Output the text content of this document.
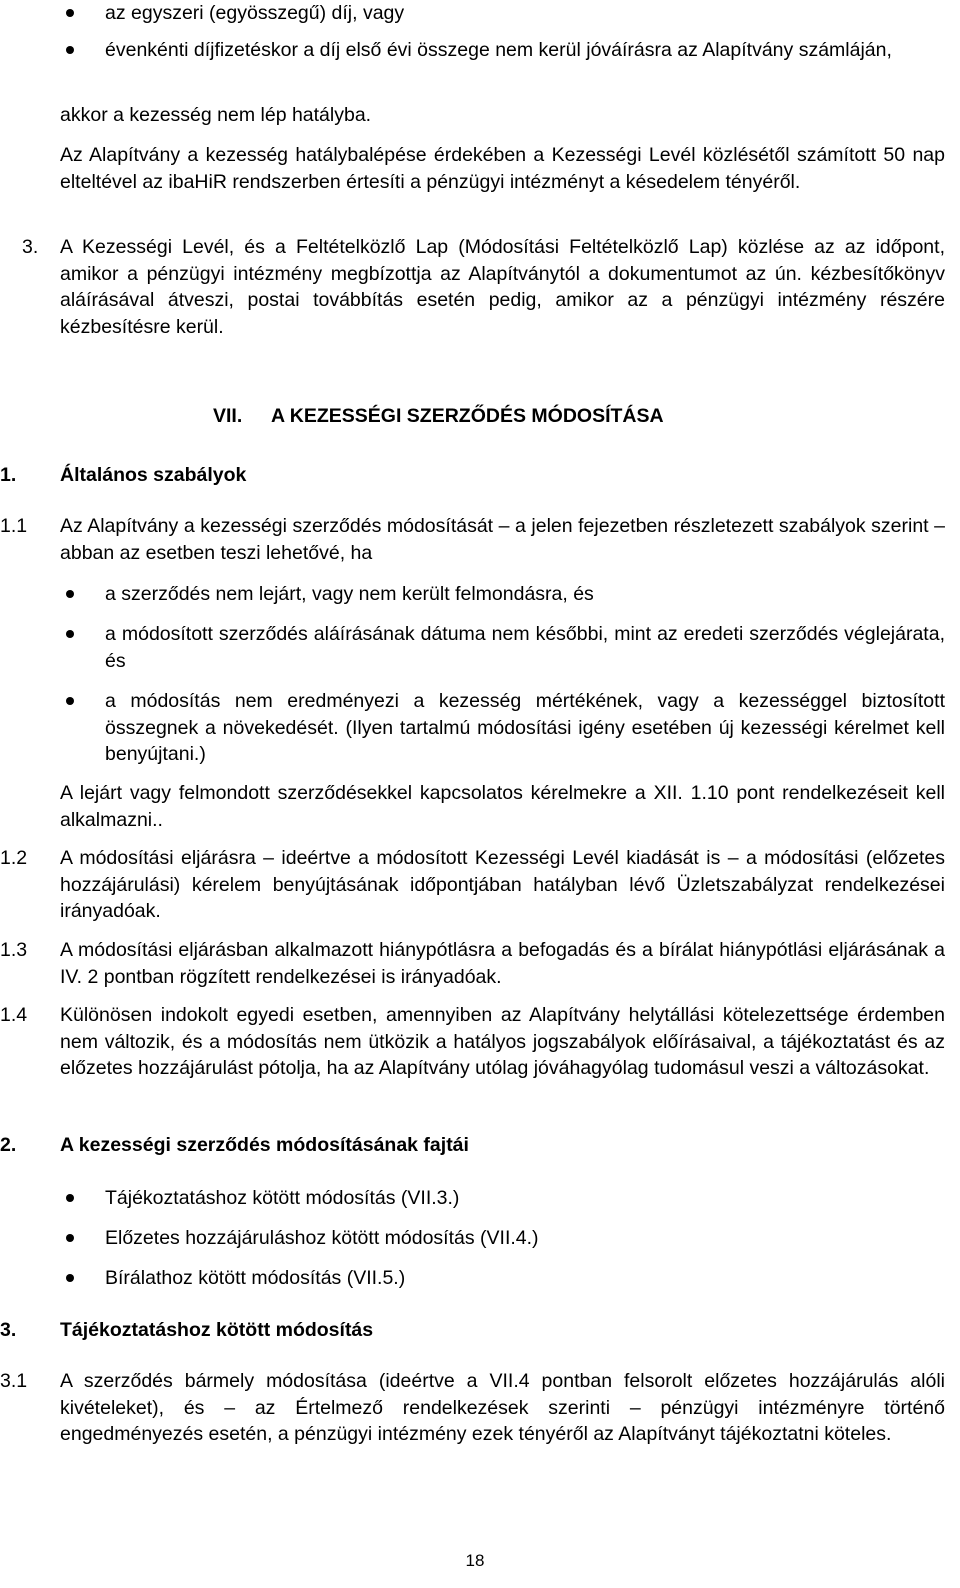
az egyszeri (egyösszegű) díj, vagy
évenkénti díjfizetéskor a díj első évi összege nem kerül jóváírásra az Alapítvány számláján,
akkor a kezesség nem lép hatályba.
Az Alapítvány a kezesség hatálybalépése érdekében a Kezességi Levél közlésétől számított 50 nap elteltével az ibaHiR rendszerben értesíti a pénzügyi intézményt a késedelem tényéről.
3. A Kezességi Levél, és a Feltételközlő Lap (Módosítási Feltételközlő Lap) közlése az az időpont, amikor a pénzügyi intézmény megbízottja az Alapítványtól a dokumentumot az ún. kézbesítőkönyv aláírásával átveszi, postai továbbítás esetén pedig, amikor az a pénzügyi intézmény részére kézbesítésre kerül.
VII. A KEZESSÉGI SZERZŐDÉS MÓDOSÍTÁSA
1. Általános szabályok
1.1 Az Alapítvány a kezességi szerződés módosítását – a jelen fejezetben részletezett szabályok szerint – abban az esetben teszi lehetővé, ha
a szerződés nem lejárt, vagy nem került felmondásra, és
a módosított szerződés aláírásának dátuma nem későbbi, mint az eredeti szerződés véglejárata, és
a módosítás nem eredményezi a kezesség mértékének, vagy a kezességgel biztosított összegnek a növekedését. (Ilyen tartalmú módosítási igény esetében új kezességi kérelmet kell benyújtani.)
A lejárt vagy felmondott szerződésekkel kapcsolatos kérelmekre a XII. 1.10 pont rendelkezéseit kell alkalmazni..
1.2 A módosítási eljárásra – ideértve a módosított Kezességi Levél kiadását is – a módosítási (előzetes hozzájárulási) kérelem benyújtásának időpontjában hatályban lévő Üzletszabályzat rendelkezései irányadóak.
1.3 A módosítási eljárásban alkalmazott hiánypótlásra a befogadás és a bírálat hiánypótlási eljárásának a IV. 2 pontban rögzített rendelkezései is irányadóak.
1.4 Különösen indokolt egyedi esetben, amennyiben az Alapítvány helytállási kötelezettsége érdemben nem változik, és a módosítás nem ütközik a hatályos jogszabályok előírásaival, a tájékoztatást és az előzetes hozzájárulást pótolja, ha az Alapítvány utólag jóváhagyólag tudomásul veszi a változásokat.
2. A kezességi szerződés módosításának fajtái
Tájékoztatáshoz kötött módosítás (VII.3.)
Előzetes hozzájáruláshoz kötött módosítás (VII.4.)
Bírálathoz kötött módosítás (VII.5.)
3. Tájékoztatáshoz kötött módosítás
3.1 A szerződés bármely módosítása (ideértve a VII.4 pontban felsorolt előzetes hozzájárulás alóli kivételeket), és – az Értelmező rendelkezések szerinti – pénzügyi intézményre történő engedményezés esetén, a pénzügyi intézmény ezek tényéről az Alapítványt tájékoztatni köteles.
18
